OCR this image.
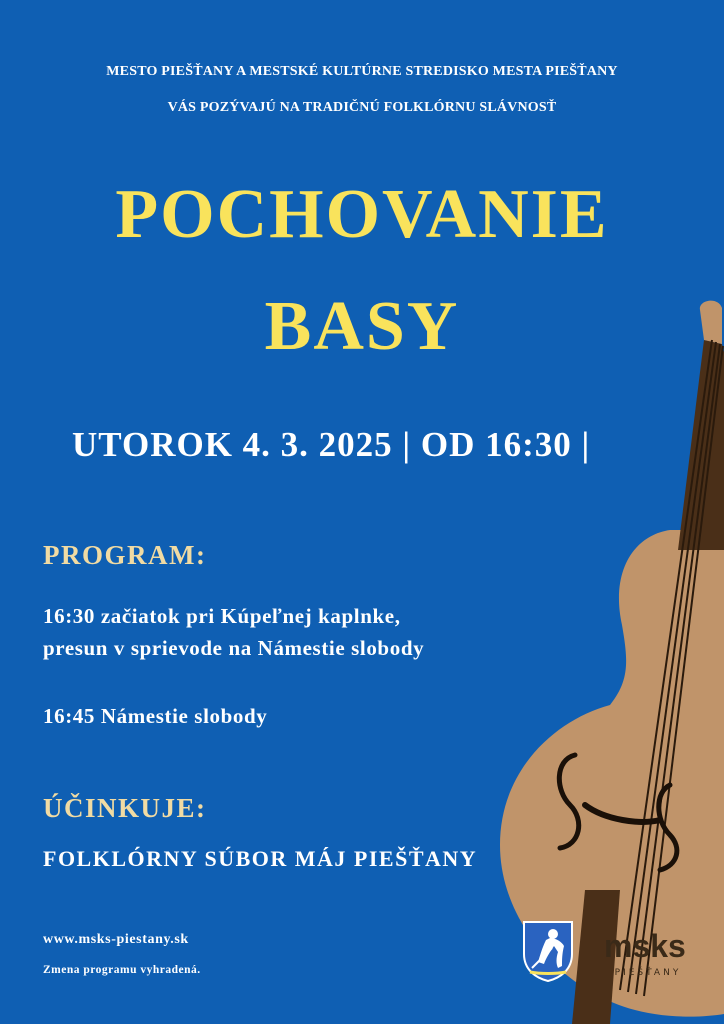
MESTO PIEŠŤANY A MESTSKÉ KULTÚRNE STREDISKO MESTA PIEŠŤANY
VÁS POZÝVAJÚ NA TRADIČNÚ FOLKLÓRNU SLÁVNOSŤ
POCHOVANIE
BASY
UTOROK 4. 3. 2025 | OD 16:30 |
PROGRAM:
16:30 začiatok pri Kúpeľnej kaplnke,
presun v sprievode na Námestie slobody
16:45 Námestie slobody
ÚČINKUJE:
FOLKLÓRNY SÚBOR MÁJ PIEŠŤANY
www.msks-piestany.sk
Zmena programu vyhradená.
msks
PIEŠŤANY
